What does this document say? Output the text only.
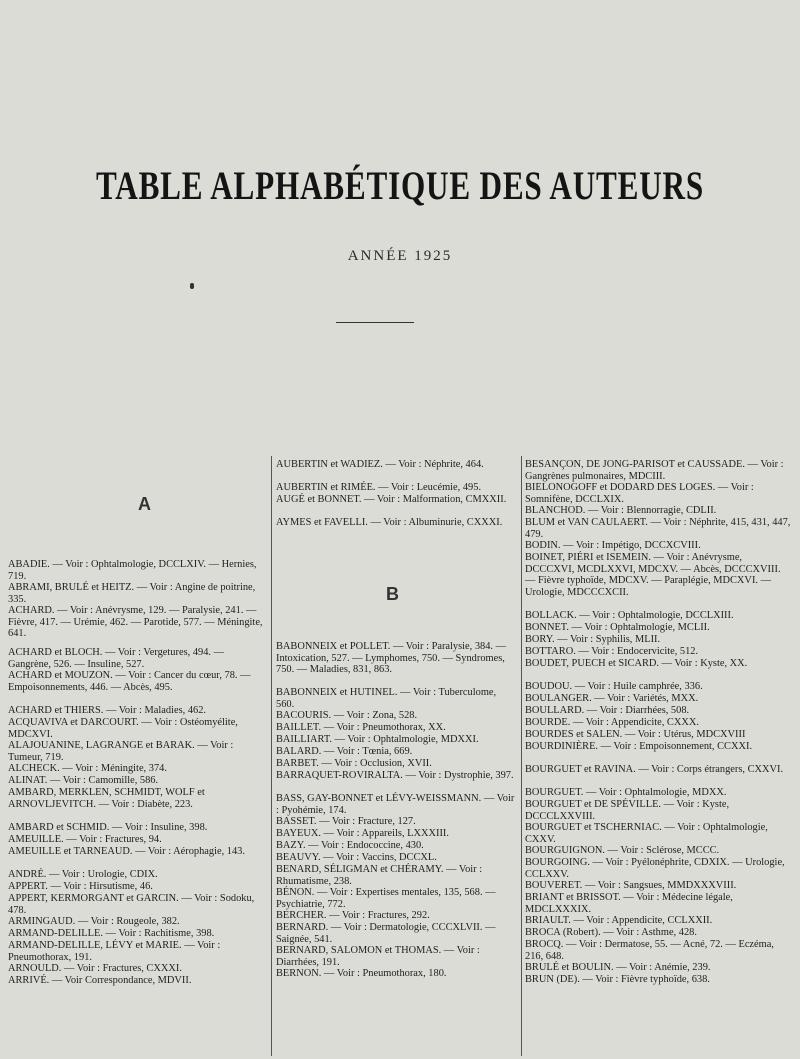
TABLE ALPHABÉTIQUE DES AUTEURS
ANNÉE 1925
A
ABADIE. — Voir : Ophtalmologie, DCCLXIV. — Hernies, 719.
ABRAMI, BRULÉ et HEITZ. — Voir : Angine de poitrine, 335.
ACHARD. — Voir : Anévrysme, 129. — Paralysie, 241. — Fièvre, 417. — Urémie, 462. — Parotide, 577. — Méningite, 641.
ACHARD et BLOCH. — Voir : Vergetures, 494. — Gangrène, 526. — Insuline, 527.
ACHARD et MOUZON. — Voir : Cancer du cœur, 78. — Empoisonnements, 446. — Abcès, 495.
ACHARD et THIERS. — Voir : Maladies, 462.
ACQUAVIVA et DARCOURT. — Voir : Ostéomyélite, MDCXVI.
ALAJOUANINE, LAGRANGE et BARAK. — Voir : Tumeur, 719.
ALCHECK. — Voir : Méningite, 374.
ALINAT. — Voir : Camomille, 586.
AMBARD, MERKLEN, SCHMIDT, WOLF et ARNOVLJEVITCH. — Voir : Diabète, 223.
AMBARD et SCHMID. — Voir : Insuline, 398.
AMEUILLE. — Voir : Fractures, 94.
AMEUILLE et TARNEAUD. — Voir : Aérophagie, 143.
ANDRÉ. — Voir : Urologie, CDIX.
APPERT. — Voir : Hirsutisme, 46.
APPERT, KERMORGANT et GARCIN. — Voir : Sodoku, 478.
ARMINGAUD. — Voir : Rougeole, 382.
ARMAND-DELILLE. — Voir : Rachitisme, 398.
ARMAND-DELILLE, LÉVY et MARIE. — Voir : Pneumothorax, 191.
ARNOULD. — Voir : Fractures, CXXXI.
ARRIVÉ. — Voir Correspondance, MDVII.
AUBERTIN et WADIEZ. — Voir : Néphrite, 464.
AUBERTIN et RIMÉE. — Voir : Leucémie, 495.
AUGÉ et BONNET. — Voir : Malformation, CMXXII.
AYMES et FAVELLI. — Voir : Albuminurie, CXXXI.
B
BABONNEIX et POLLET. — Voir : Paralysie, 384. — Intoxication, 527. — Lymphomes, 750. — Syndromes, 750. — Maladies, 831, 863.
BABONNEIX et HUTINEL. — Voir : Tuberculome, 560.
BACOURIS. — Voir : Zona, 528.
BAILLET. — Voir : Pneumothorax, XX.
BAILLIART. — Voir : Ophtalmologie, MDXXI.
BALARD. — Voir : Tœnia, 669.
BARBET. — Voir : Occlusion, XVII.
BARRAQUET-ROVIRALTA. — Voir : Dystrophie, 397.
BASS, GAY-BONNET et LÉVY-WEISSMANN. — Voir : Pyohémie, 174.
BASSET. — Voir : Fracture, 127.
BAYEUX. — Voir : Appareils, LXXXIII.
BAZY. — Voir : Endococcine, 430.
BEAUVY. — Voir : Vaccins, DCCXL.
BENARD, SÉLIGMAN et CHÉRAMY. — Voir : Rhumatisme, 238.
BÉNON. — Voir : Expertises mentales, 135, 568. — Psychiatrie, 772.
BERCHER. — Voir : Fractures, 292.
BERNARD. — Voir : Dermatologie, CCCXLVII. — Saignée, 541.
BERNARD, SALOMON et THOMAS. — Voir : Diarrhées, 191.
BERNON. — Voir : Pneumothorax, 180.
BESANÇON, DE JONG-PARISOT et CAUSSADE. — Voir : Gangrènes pulmonaires, MDCIII.
BIELONOGOFF et DODARD DES LOGES. — Voir : Somnifène, DCCLXIX.
BLANCHOD. — Voir : Blennorragie, CDLII.
BLUM et VAN CAULAERT. — Voir : Néphrite, 415, 431, 447, 479.
BODIN. — Voir : Impétigo, DCCXCVIII.
BOINET, PIÉRI et ISEMEIN. — Voir : Anévrysme, DCCCXVI, MCDLXXVI, MDCXV. — Abcès, DCCCXVIII. — Fièvre typhoïde, MDCXV. — Paraplégie, MDCXVI. — Urologie, MDCCCXCII.
BOLLACK. — Voir : Ophtalmologie, DCCLXIII.
BONNET. — Voir : Ophtalmologie, MCLII.
BORY. — Voir : Syphilis, MLII.
BOTTARO. — Voir : Endocervicite, 512.
BOUDET, PUECH et SICARD. — Voir : Kyste, XX.
BOUDOU. — Voir : Huile camphrée, 336.
BOULANGER. — Voir : Variétés, MXX.
BOULLARD. — Voir : Diarrhées, 508.
BOURDE. — Voir : Appendicite, CXXX.
BOURDES et SALEN. — Voir : Utérus, MDCXVIII
BOURDINIÈRE. — Voir : Empoisonnement, CCXXI.
BOURGUET et RAVINA. — Voir : Corps étrangers, CXXVI.
BOURGUET. — Voir : Ophtalmologie, MDXX.
BOURGUET et DE SPÉVILLE. — Voir : Kyste, DCCCLXXVIII.
BOURGUET et TSCHERNIAC. — Voir : Ophtalmologie, CXXV.
BOURGUIGNON. — Voir : Sclérose, MCCC.
BOURGOING. — Voir : Pyélonéphrite, CDXIX. — Urologie, CCLXXV.
BOUVERET. — Voir : Sangsues, MMDXXXVIII.
BRIANT et BRISSOT. — Voir : Médecine légale, MDCLXXXIX.
BRIAULT. — Voir : Appendicite, CCLXXII.
BROCA (Robert). — Voir : Asthme, 428.
BROCQ. — Voir : Dermatose, 55. — Acné, 72. — Eczéma, 216, 648.
BRULÉ et BOULIN. — Voir : Anémie, 239.
BRUN (DE). — Voir : Fièvre typhoïde, 638.
